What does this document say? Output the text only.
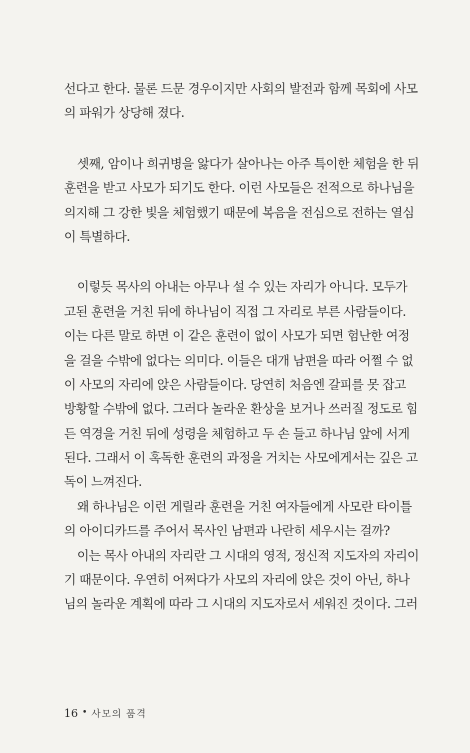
선다고 한다. 물론 드문 경우이지만 사회의 발전과 함께 목회에 사모
의 파워가 상당해 졌다.
셋째, 암이나 희귀병을 앓다가 살아나는 아주 특이한 체험을 한 뒤
훈련을 받고 사모가 되기도 한다. 이런 사모들은 전적으로 하나님을
의지해 그 강한 빛을 체험했기 때문에 복음을 전심으로 전하는 열심
이 특별하다.
이렇듯 목사의 아내는 아무나 설 수 있는 자리가 아니다. 모두가
고된 훈련을 거친 뒤에 하나님이 직접 그 자리로 부른 사람들이다.
이는 다른 말로 하면 이 같은 훈련이 없이 사모가 되면 험난한 여정
을 걸을 수밖에 없다는 의미다. 이들은 대개 남편을 따라 어쩔 수 없
이 사모의 자리에 앉은 사람들이다. 당연히 처음엔 갈피를 못 잡고
방황할 수밖에 없다. 그러다 놀라운 환상을 보거나 쓰러질 정도로 힘
든 역경을 거친 뒤에 성령을 체험하고 두 손 들고 하나님 앞에 서게
된다. 그래서 이 혹독한 훈련의 과정을 거치는 사모에게서는 깊은 고
독이 느껴진다.
왜 하나님은 이런 게릴라 훈련을 거친 여자들에게 사모란 타이틀
의 아이디카드를 주어서 목사인 남편과 나란히 세우시는 걸까?
이는 목사 아내의 자리란 그 시대의 영적, 정신적 지도자의 자리이
기 때문이다. 우연히 어쩌다가 사모의 자리에 앉은 것이 아닌, 하나
님의 놀라운 계획에 따라 그 시대의 지도자로서 세워진 것이다. 그러
16 • 사모의 품격
